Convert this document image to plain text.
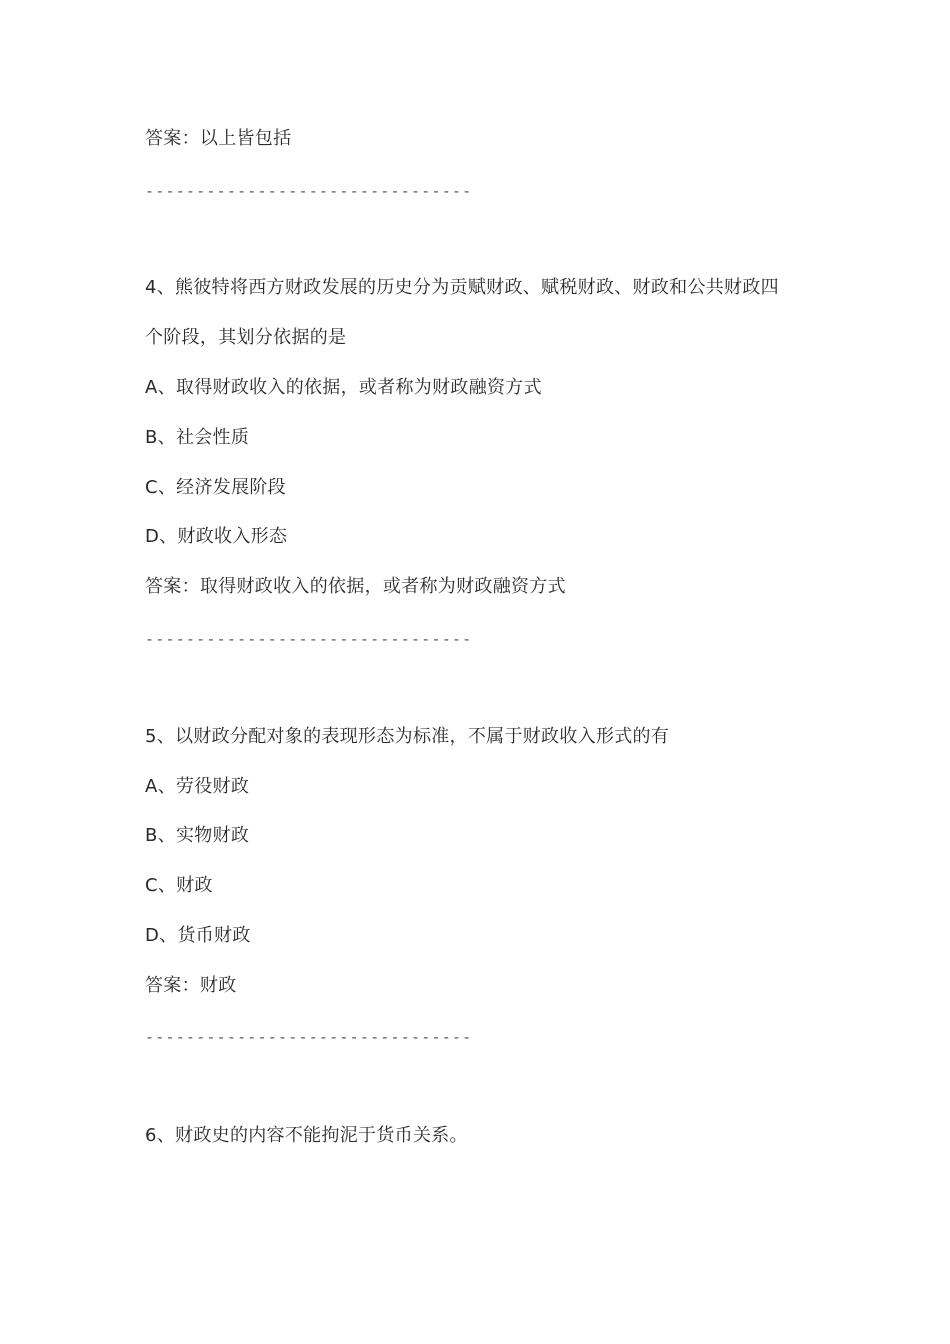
答案：以上皆包括
--------------------------------
4、熊彼特将西方财政发展的历史分为贡赋财政、赋税财政、财政和公共财政四
个阶段，其划分依据的是
A、取得财政收入的依据，或者称为财政融资方式
B、社会性质
C、经济发展阶段
D、财政收入形态
答案：取得财政收入的依据，或者称为财政融资方式
--------------------------------
5、以财政分配对象的表现形态为标准，不属于财政收入形式的有
A、劳役财政
B、实物财政
C、财政
D、货币财政
答案：财政
--------------------------------
6、财政史的内容不能拘泥于货币关系。
